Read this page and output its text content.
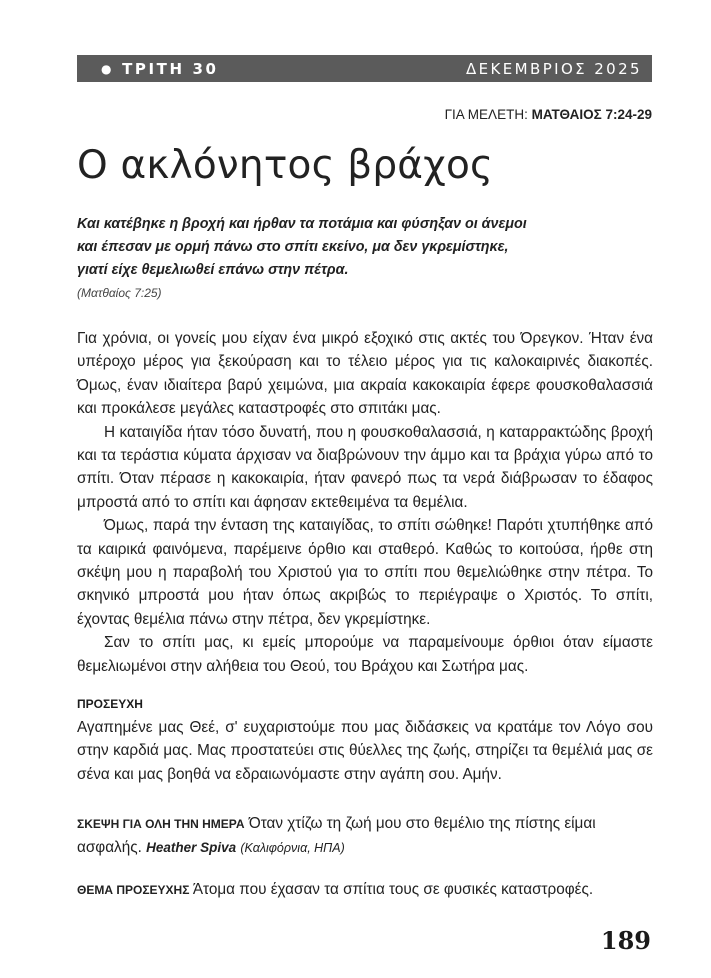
● ΤΡΙΤΗ 30	ΔΕΚΕΜΒΡΙΟΣ 2025
ΓΙΑ ΜΕΛΕΤΗ: ΜΑΤΘΑΙΟΣ 7:24-29
Ο ακλόνητος βράχος
Και κατέβηκε η βροχή και ήρθαν τα ποτάμια και φύσηξαν οι άνεμοι
και έπεσαν με ορμή πάνω στο σπίτι εκείνο, μα δεν γκρεμίστηκε,
γιατί είχε θεμελιωθεί επάνω στην πέτρα.
(Ματθαίος 7:25)
Για χρόνια, οι γονείς μου είχαν ένα μικρό εξοχικό στις ακτές του Όρεγκον. Ήταν ένα υπέροχο μέρος για ξεκούραση και το τέλειο μέρος για τις καλοκαιρινές διακοπές. Όμως, έναν ιδιαίτερα βαρύ χειμώνα, μια ακραία κακοκαιρία έφερε φουσκοθαλασσιά και προκάλεσε μεγάλες καταστροφές στο σπιτάκι μας.
Η καταιγίδα ήταν τόσο δυνατή, που η φουσκοθαλασσιά, η καταρρακτώδης βροχή και τα τεράστια κύματα άρχισαν να διαβρώνουν την άμμο και τα βράχια γύρω από το σπίτι. Όταν πέρασε η κακοκαιρία, ήταν φανερό πως τα νερά διάβρωσαν το έδαφος μπροστά από το σπίτι και άφησαν εκτεθειμένα τα θεμέλια.
Όμως, παρά την ένταση της καταιγίδας, το σπίτι σώθηκε! Παρότι χτυπήθηκε από τα καιρικά φαινόμενα, παρέμεινε όρθιο και σταθερό. Καθώς το κοιτούσα, ήρθε στη σκέψη μου η παραβολή του Χριστού για το σπίτι που θεμελιώθηκε στην πέτρα. Το σκηνικό μπροστά μου ήταν όπως ακριβώς το περιέγραψε ο Χριστός. Το σπίτι, έχοντας θεμέλια πάνω στην πέτρα, δεν γκρεμίστηκε.
Σαν το σπίτι μας, κι εμείς μπορούμε να παραμείνουμε όρθιοι όταν είμαστε θεμελιωμένοι στην αλήθεια του Θεού, του Βράχου και Σωτήρα μας.
ΠΡΟΣΕΥΧΗ
Αγαπημένε μας Θεέ, σ' ευχαριστούμε που μας διδάσκεις να κρατάμε τον Λόγο σου στην καρδιά μας. Μας προστατεύει στις θύελλες της ζωής, στηρίζει τα θεμέλιά μας σε σένα και μας βοηθά να εδραιωνόμαστε στην αγάπη σου. Αμήν.
ΣΚΕΨΗ ΓΙΑ ΟΛΗ ΤΗΝ ΗΜΕΡΑ Όταν χτίζω τη ζωή μου στο θεμέλιο της πίστης είμαι ασφαλής. Heather Spiva (Καλιφόρνια, ΗΠΑ)
ΘΕΜΑ ΠΡΟΣΕΥΧΗΣ Άτομα που έχασαν τα σπίτια τους σε φυσικές καταστροφές.
189
